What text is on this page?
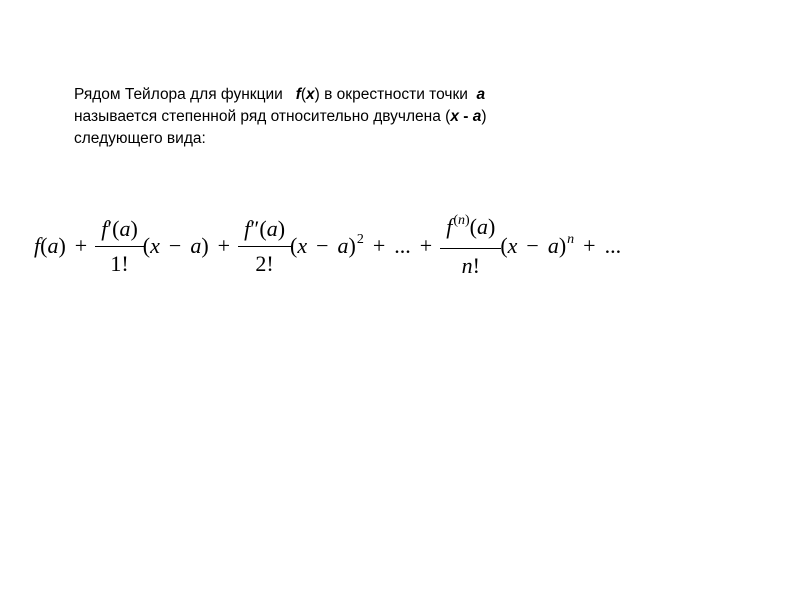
Рядом Тейлора для функции   f(x) в окрестности точки  a
называется степенной ряд относительно двучлена (x - a)
следующего вида:
$f(a) + \frac{f'(a)}{1!} (x - a) + \frac{f''(a)}{2!} (x - a)^2$ + ... + $\frac{f^{(n)}(a)}{n!} (x - a)^n$ + ...
